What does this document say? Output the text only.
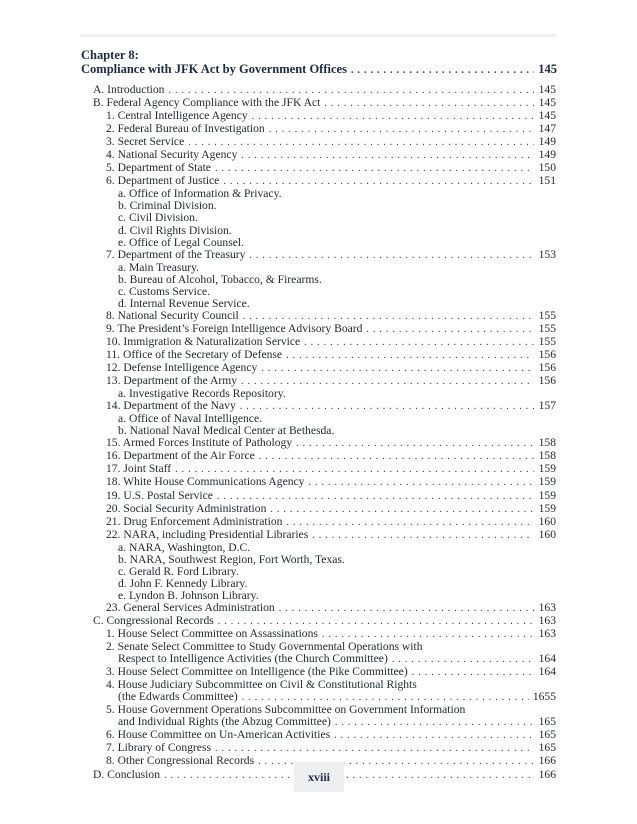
Chapter 8:
Compliance with JFK Act by Government Offices . . .	145
A. Introduction . . .	145
B. Federal Agency Compliance with the JFK Act . . .	145
1. Central Intelligence Agency . . .	145
2. Federal Bureau of Investigation . . .	147
3. Secret Service . . .	149
4. National Security Agency . . .	149
5. Department of State . . .	150
6. Department of Justice . . .	151
a. Office of Information & Privacy.
b. Criminal Division.
c. Civil Division.
d. Civil Rights Division.
e. Office of Legal Counsel.
7. Department of the Treasury . . .	153
a. Main Treasury.
b. Bureau of Alcohol, Tobacco, & Firearms.
c. Customs Service.
d. Internal Revenue Service.
8. National Security Council . . .	155
9. The President’s Foreign Intelligence Advisory Board . . .	155
10. Immigration & Naturalization Service . . .	155
11. Office of the Secretary of Defense . . .	156
12. Defense Intelligence Agency . . .	156
13. Department of the Army . . .	156
a. Investigative Records Repository.
14. Department of the Navy . . .	157
a. Office of Naval Intelligence.
b. National Naval Medical Center at Bethesda.
15. Armed Forces Institute of Pathology . . .	158
16. Department of the Air Force . . .	158
17. Joint Staff . . .	159
18. White House Communications Agency . . .	159
19. U.S. Postal Service . . .	159
20. Social Security Administration . . .	159
21. Drug Enforcement Administration . . .	160
22. NARA, including Presidential Libraries . . .	160
a. NARA, Washington, D.C.
b. NARA, Southwest Region, Fort Worth, Texas.
c. Gerald R. Ford Library.
d. John F. Kennedy Library.
e. Lyndon B. Johnson Library.
23. General Services Administration . . .	163
C. Congressional Records . . .	163
1. House Select Committee on Assassinations . . .	163
2. Senate Select Committee to Study Governmental Operations with
Respect to Intelligence Activities (the Church Committee) . . .	164
3. House Select Committee on Intelligence (the Pike Committee) . . .	164
4. House Judiciary Subcommittee on Civil & Constitutional Rights
(the Edwards Committee) . . .	1655
5. House Government Operations Subcommittee on Government Information
and Individual Rights (the Abzug Committee) . . .	165
6. House Committee on Un-American Activities . . .	165
7. Library of Congress . . .	165
8. Other Congressional Records . . .	166
D. Conclusion . . .	166
xviii
